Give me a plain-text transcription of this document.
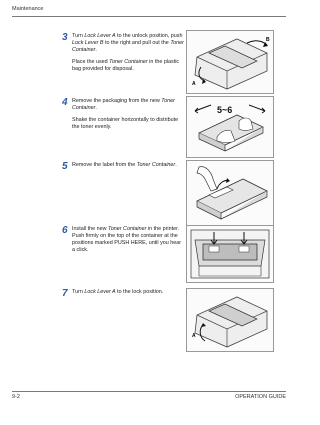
Maintenance
3 Turn Lock Lever A to the unlock position, push Lock Lever B to the right and pull out the Toner Container.

Place the used Toner Container in the plastic bag provided for disposal.

B
A
4 Remove the packaging from the new Toner Container.

Shake the container horizontally to distribute the toner evenly.

5~6
5 Remove the label from the Toner Container.

6 Install the new Toner Container in the printer. Push firmly on the top of the container at the positions marked PUSH HERE, until you hear a click.

7 Turn Lock Lever A to the lock position.

A
9-2	OPERATION GUIDE
